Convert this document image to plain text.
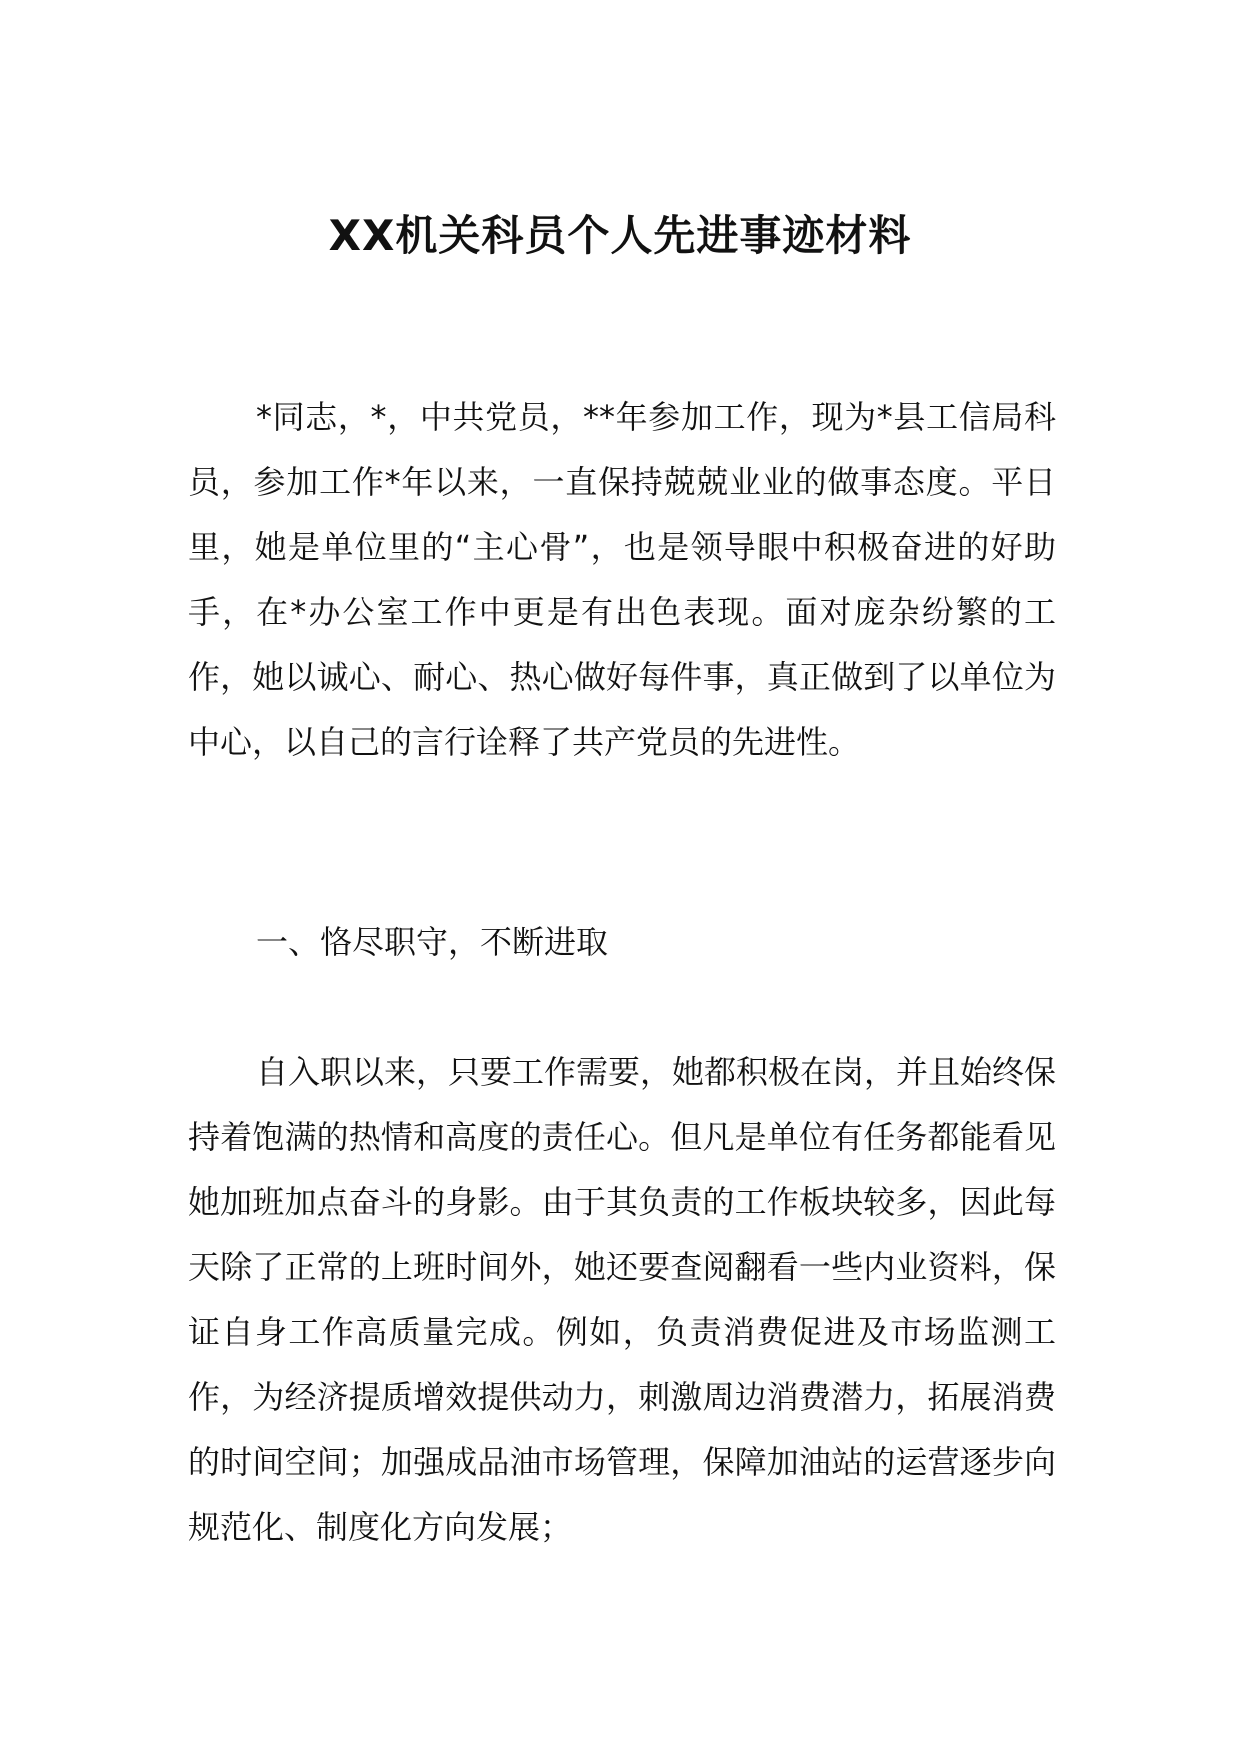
XX机关科员个人先进事迹材料

*同志，*，中共党员，**年参加工作，现为*县工信局科员，参加工作*年以来，一直保持兢兢业业的做事态度。平日里，她是单位里的“主心骨”，也是领导眼中积极奋进的好助手，在*办公室工作中更是有出色表现。面对庞杂纷繁的工作，她以诚心、耐心、热心做好每件事，真正做到了以单位为中心，以自己的言行诠释了共产党员的先进性。

一、恪尽职守，不断进取

自入职以来，只要工作需要，她都积极在岗，并且始终保持着饱满的热情和高度的责任心。但凡是单位有任务都能看见她加班加点奋斗的身影。由于其负责的工作板块较多，因此每天除了正常的上班时间外，她还要查阅翻看一些内业资料，保证自身工作高质量完成。例如，负责消费促进及市场监测工作，为经济提质增效提供动力，刺激周边消费潜力，拓展消费的时间空间；加强成品油市场管理，保障加油站的运营逐步向规范化、制度化方向发展；
